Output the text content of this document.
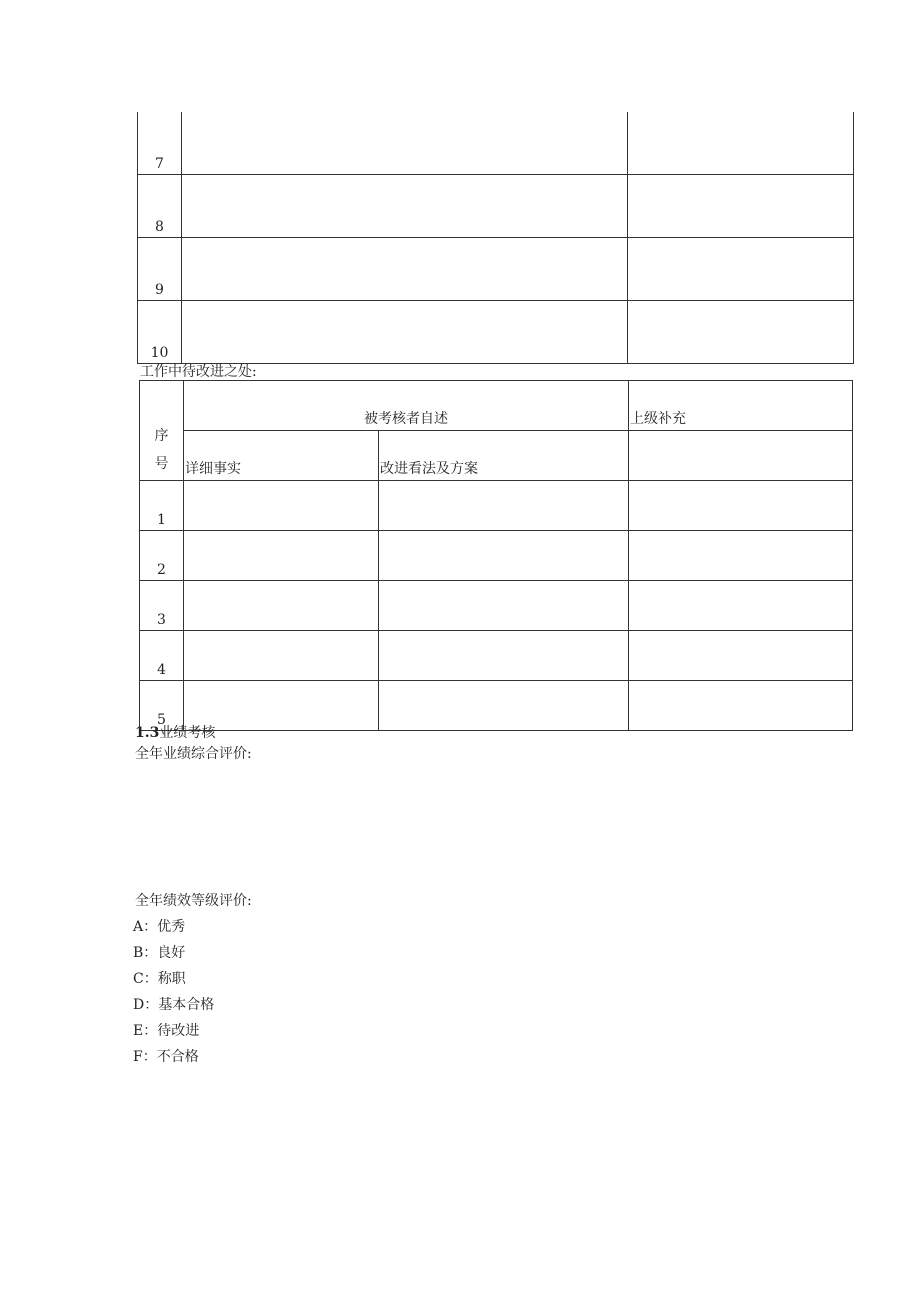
7		
8		
9		
10		
工作中待改进之处:
序
号	被考核者自述		上级补充
	详细事实	改进看法及方案	
1			
2			
3			
4			
5			
1.3业绩考核
全年业绩综合评价:
全年绩效等级评价:
A：优秀
B：良好
C：称职
D：基本合格
E：待改进
F：不合格
